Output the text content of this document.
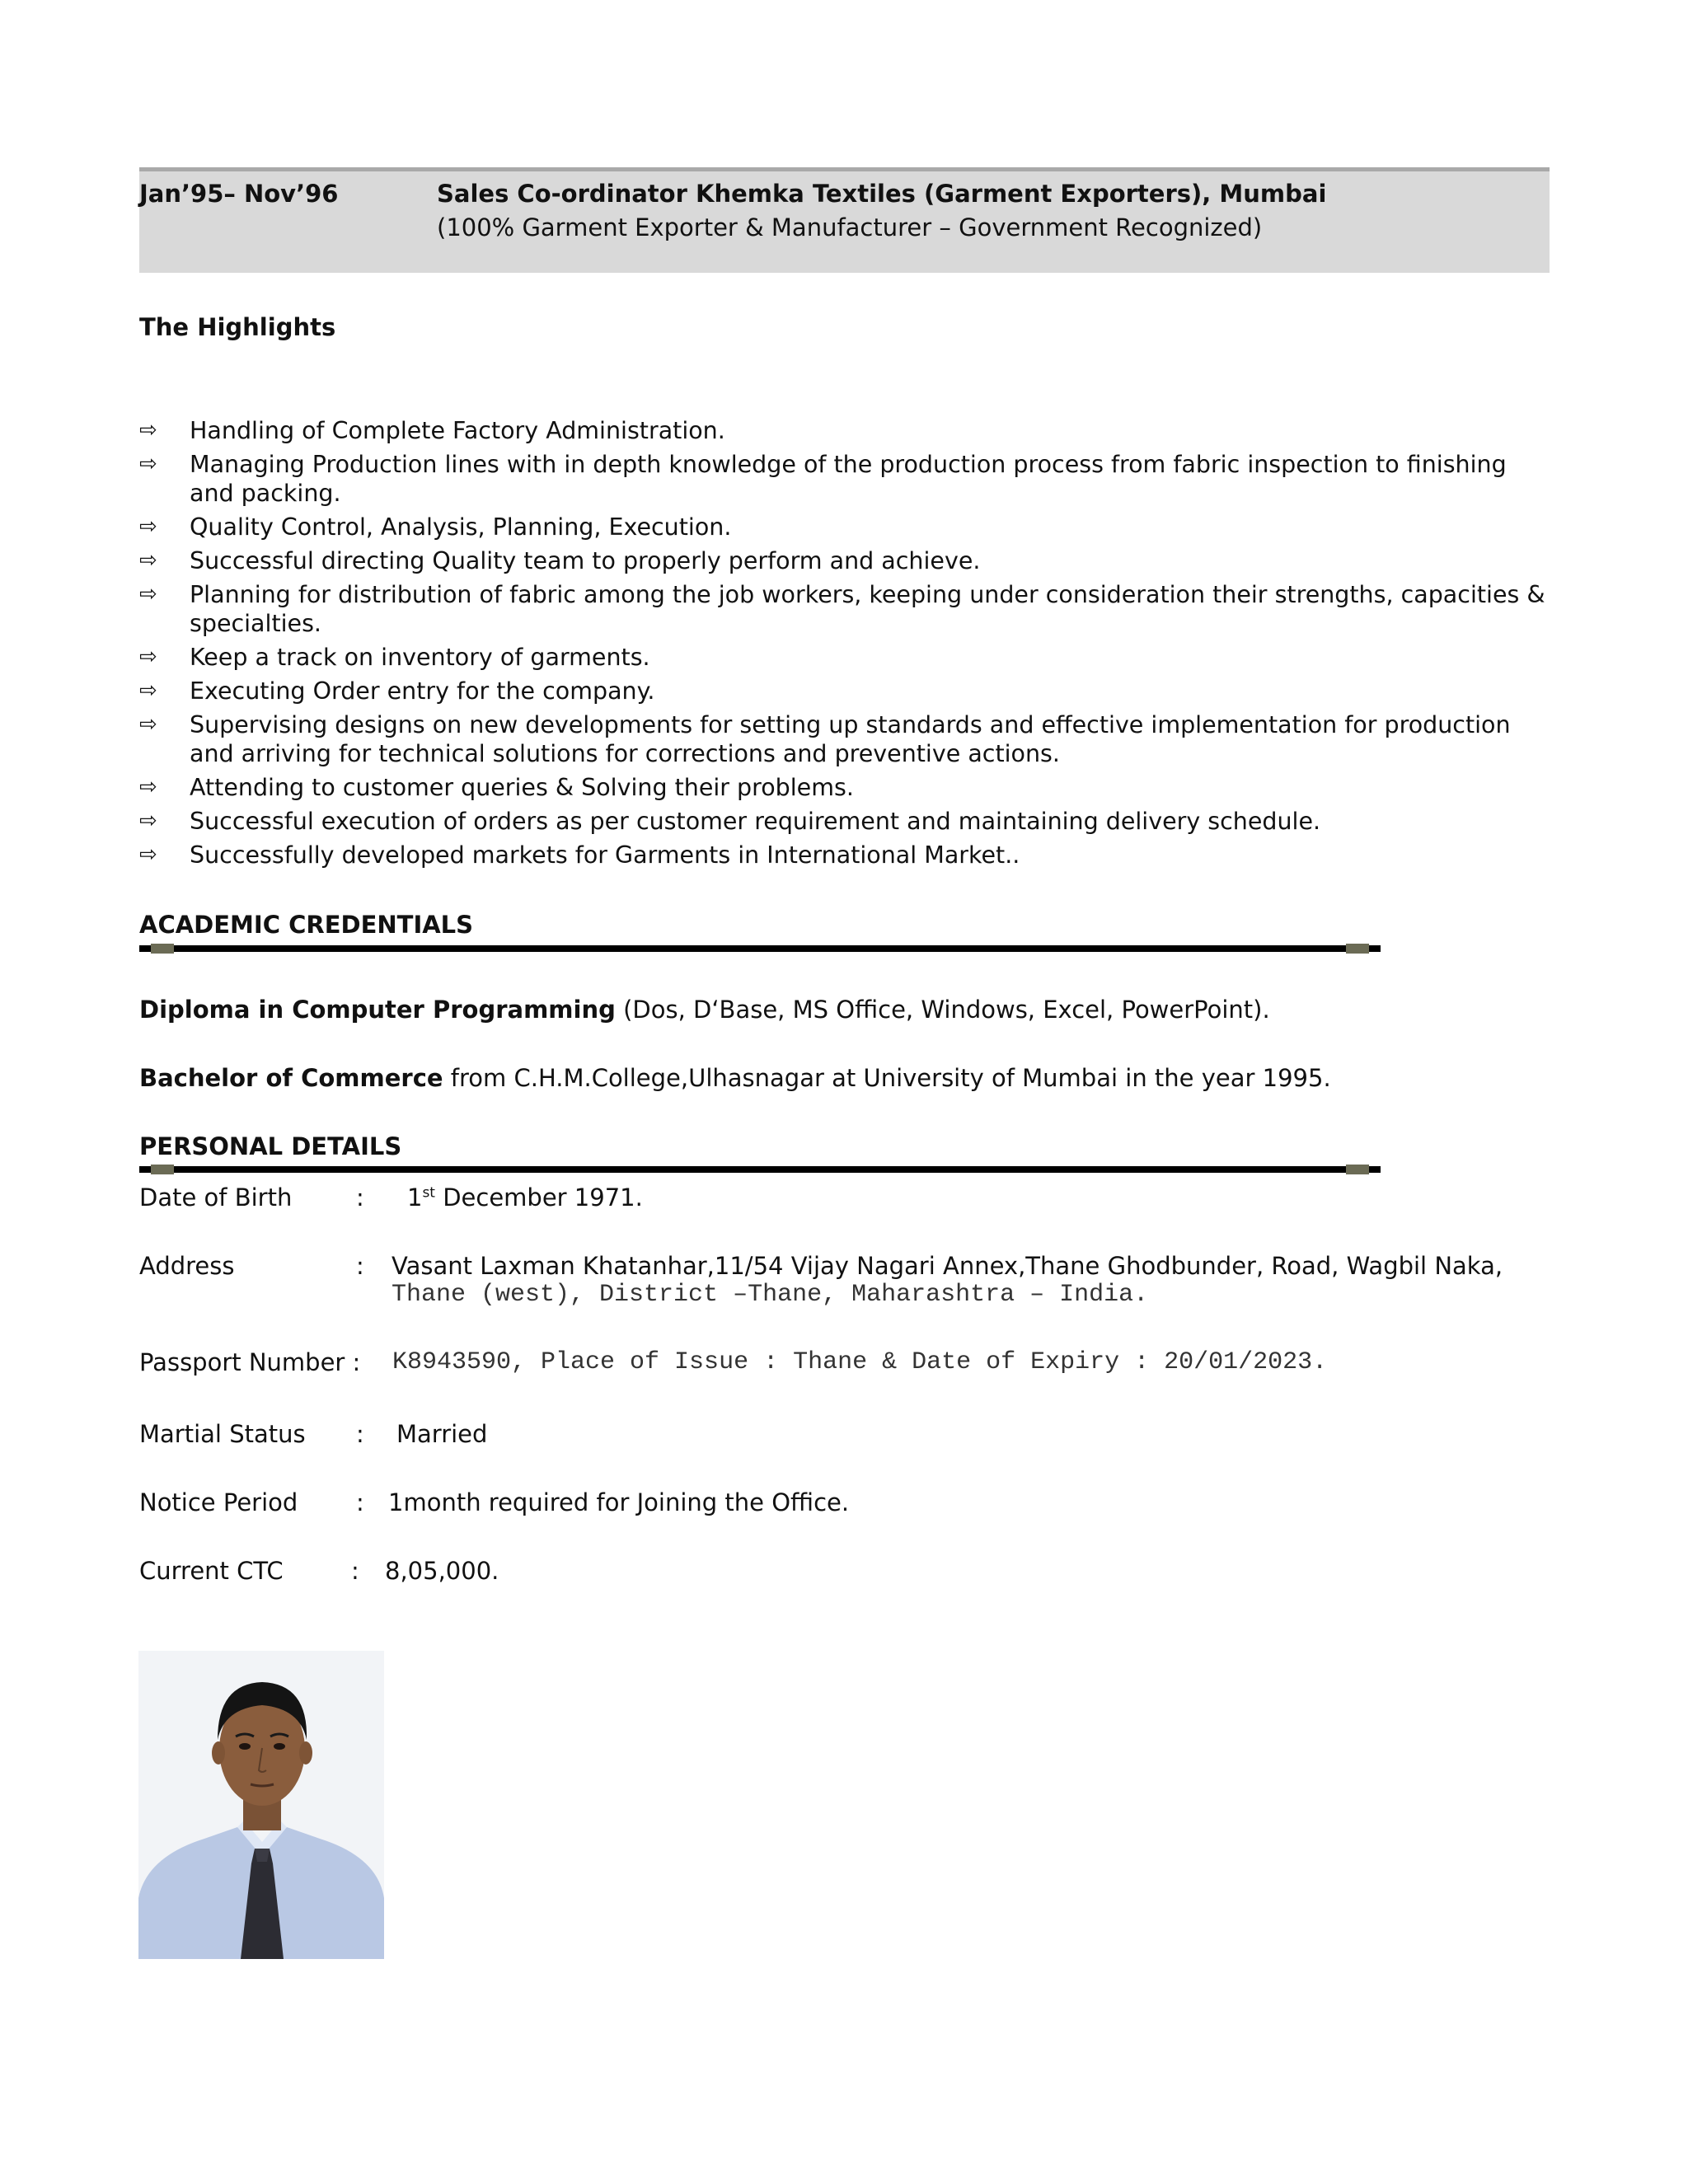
Jan’95– Nov’96	Sales Co-ordinator Khemka Textiles (Garment Exporters), Mumbai
(100% Garment Exporter & Manufacturer – Government Recognized)
The Highlights
⇨ Handling of Complete Factory Administration.
⇨ Managing Production lines with in depth knowledge of the production process from fabric inspection to finishing and packing.
⇨ Quality Control, Analysis, Planning, Execution.
⇨ Successful directing Quality team to properly perform and achieve.
⇨ Planning for distribution of fabric among the job workers, keeping under consideration their strengths, capacities & specialties.
⇨ Keep a track on inventory of garments.
⇨ Executing Order entry for the company.
⇨ Supervising designs on new developments for setting up standards and effective implementation for production and arriving for technical solutions for corrections and preventive actions.
⇨ Attending to customer queries & Solving their problems.
⇨ Successful execution of orders as per customer requirement and maintaining delivery schedule.
⇨ Successfully developed markets for Garments in International Market..
ACADEMIC CREDENTIALS
Diploma in Computer Programming (Dos, D‘Base, MS Office, Windows, Excel, PowerPoint).
Bachelor of Commerce from C.H.M.College,Ulhasnagar at University of Mumbai in the year 1995.
PERSONAL DETAILS
Date of Birth	: 1st December 1971.
Address	: Vasant Laxman Khatanhar,11/54 Vijay Nagari Annex,Thane Ghodbunder, Road, Wagbil Naka,
Thane (west), District –Thane, Maharashtra – India.
Passport Number : K8943590, Place of Issue : Thane & Date of Expiry : 20/01/2023.
Martial Status : Married
Notice Period : 1month required for Joining the Office.
Current CTC	: 8,05,000.
